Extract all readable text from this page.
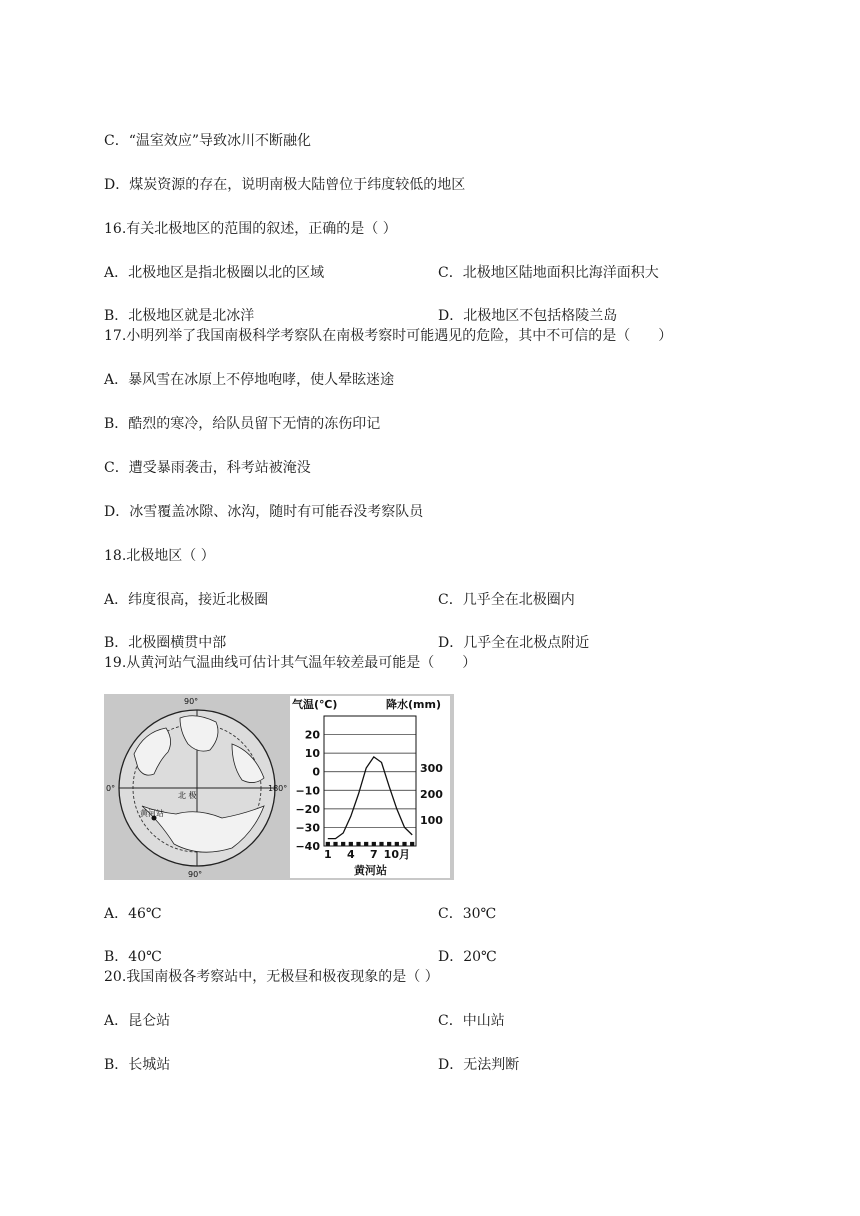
C．“温室效应”导致冰川不断融化
D．煤炭资源的存在，说明南极大陆曾位于纬度较低的地区
16.有关北极地区的范围的叙述，正确的是（ ）
A．北极地区是指北极圈以北的区域	C．北极地区陆地面积比海洋面积大
B．北极地区就是北冰洋	D．北极地区不包括格陵兰岛
17.小明列举了我国南极科学考察队在南极考察时可能遇见的危险，其中不可信的是（　　）
A．暴风雪在冰原上不停地咆哮，使人晕眩迷途
B．酷烈的寒冷，给队员留下无情的冻伤印记
C．遭受暴雨袭击，科考站被淹没
D．冰雪覆盖冰隙、冰沟，随时有可能吞没考察队员
18.北极地区（ ）
A．纬度很高，接近北极圈	C．几乎全在北极圈内
B．北极圈横贯中部	D．几乎全在北极点附近
19.从黄河站气温曲线可估计其气温年较差最可能是（　　）
90°
90°
0°	180°
北 极
黄河站
气温(℃)	降水(mm)
黄河站
20
10
0
−10
−20
−30
−40
300
200
100
1 4 7 10月
A．46℃	C．30℃
B．40℃	D．20℃
20.我国南极各考察站中，无极昼和极夜现象的是（ ）
A．昆仑站	C．中山站
B．长城站	D．无法判断
